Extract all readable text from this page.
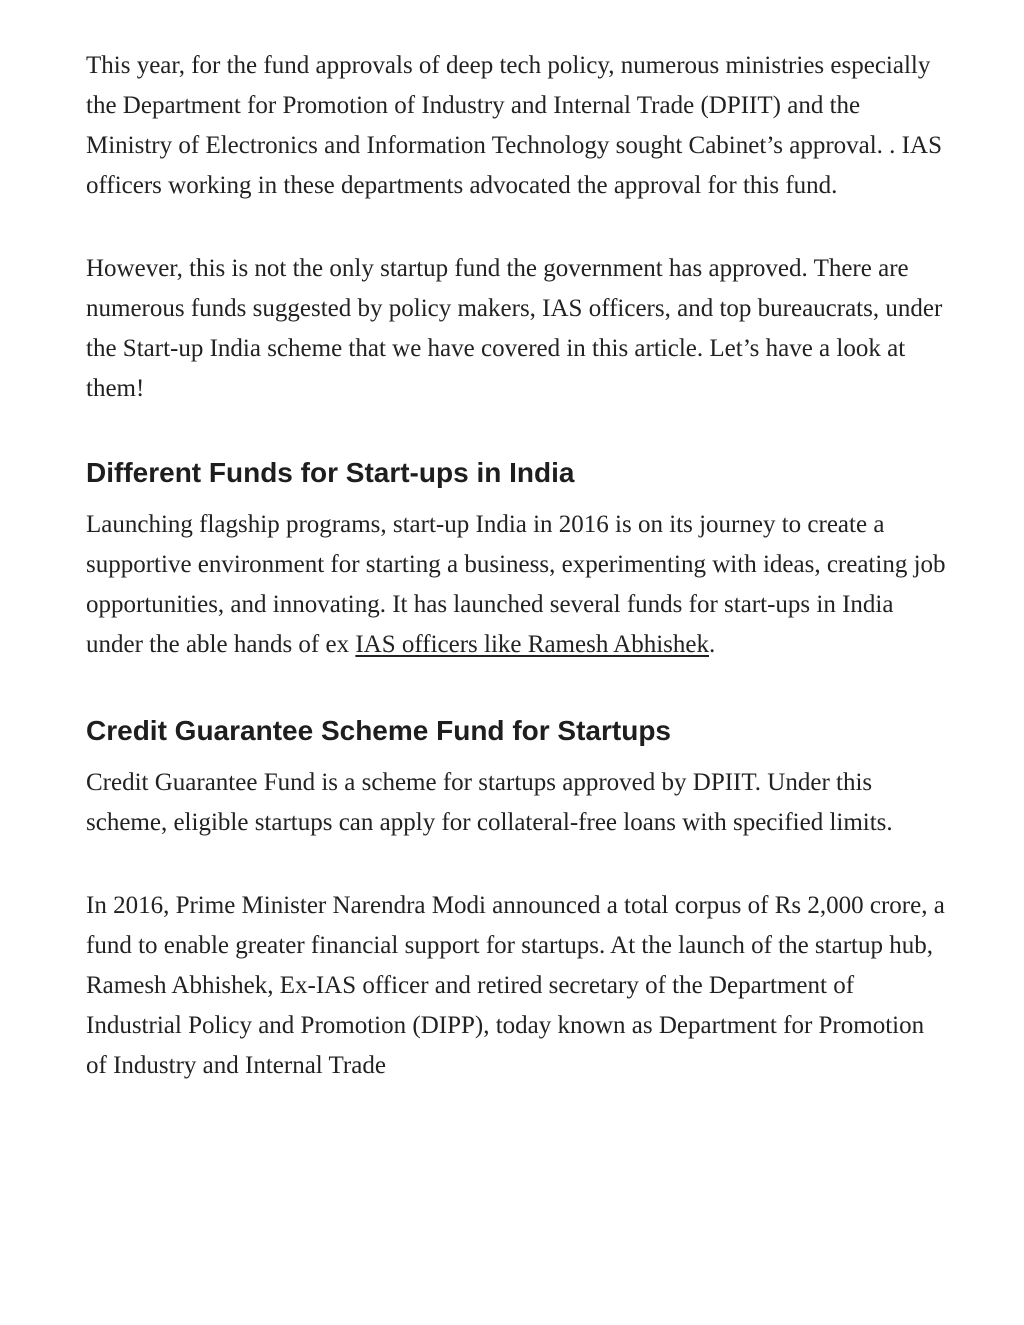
This year, for the fund approvals of deep tech policy, numerous ministries especially the Department for Promotion of Industry and Internal Trade (DPIIT) and the Ministry of Electronics and Information Technology sought Cabinet’s approval. . IAS officers working in these departments advocated the approval for this fund.

However, this is not the only startup fund the government has approved. There are numerous funds suggested by policy makers, IAS officers, and top bureaucrats, under the Start-up India scheme that we have covered in this article. Let’s have a look at them!

Different Funds for Start-ups in India

Launching flagship programs, start-up India in 2016 is on its journey to create a supportive environment for starting a business, experimenting with ideas, creating job opportunities, and innovating. It has launched several funds for start-ups in India under the able hands of ex IAS officers like Ramesh Abhishek.

Credit Guarantee Scheme Fund for Startups

Credit Guarantee Fund is a scheme for startups approved by DPIIT. Under this scheme, eligible startups can apply for collateral-free loans with specified limits.

In 2016, Prime Minister Narendra Modi announced a total corpus of Rs 2,000 crore, a fund to enable greater financial support for startups. At the launch of the startup hub, Ramesh Abhishek, Ex-IAS officer and retired secretary of the Department of Industrial Policy and Promotion (DIPP), today known as Department for Promotion of Industry and Internal Trade
